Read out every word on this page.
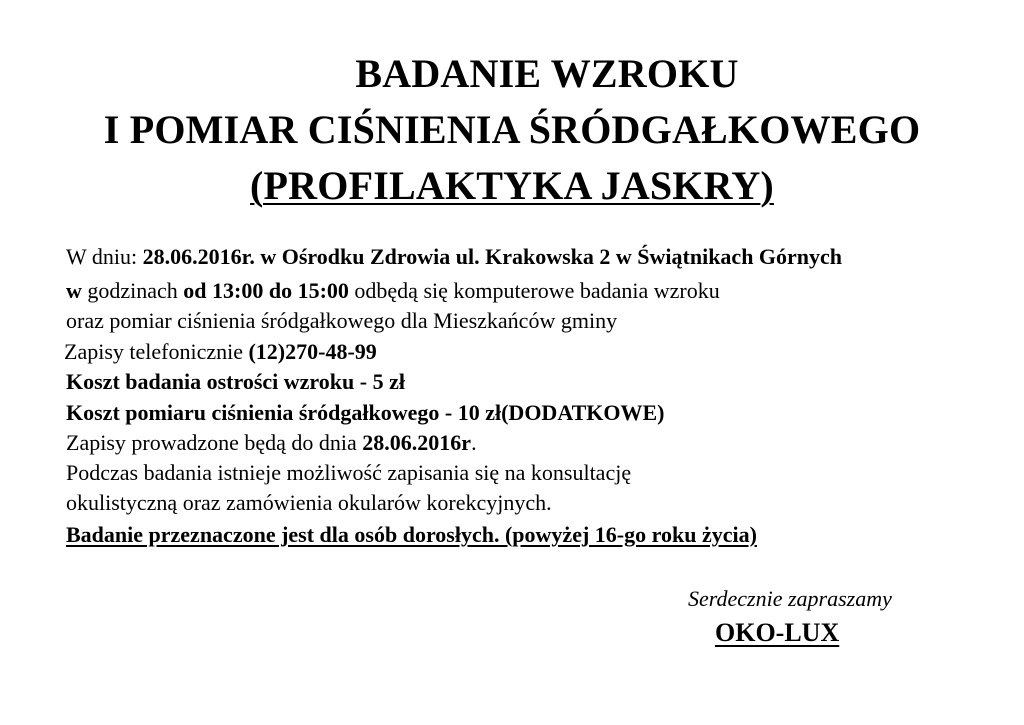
BADANIE WZROKU
I POMIAR CIŚNIENIA ŚRÓDGAŁKOWEGO
(PROFILAKTYKA JASKRY)
W dniu: 28.06.2016r. w Ośrodku Zdrowia ul. Krakowska 2 w Świątnikach Górnych
w godzinach od 13:00 do 15:00 odbędą się komputerowe badania wzroku
oraz pomiar ciśnienia śródgałkowego dla Mieszkańców gminy
Zapisy telefonicznie (12)270-48-99
Koszt badania ostrości wzroku - 5 zł
Koszt pomiaru ciśnienia śródgałkowego - 10 zł(DODATKOWE)
Zapisy prowadzone będą do dnia 28.06.2016r.
Podczas badania istnieje możliwość zapisania się na konsultację
okulistyczną oraz zamówienia okularów korekcyjnych.
Badanie przeznaczone jest dla osób dorosłych. (powyżej 16-go roku życia)
Serdecznie zapraszamy
OKO-LUX
